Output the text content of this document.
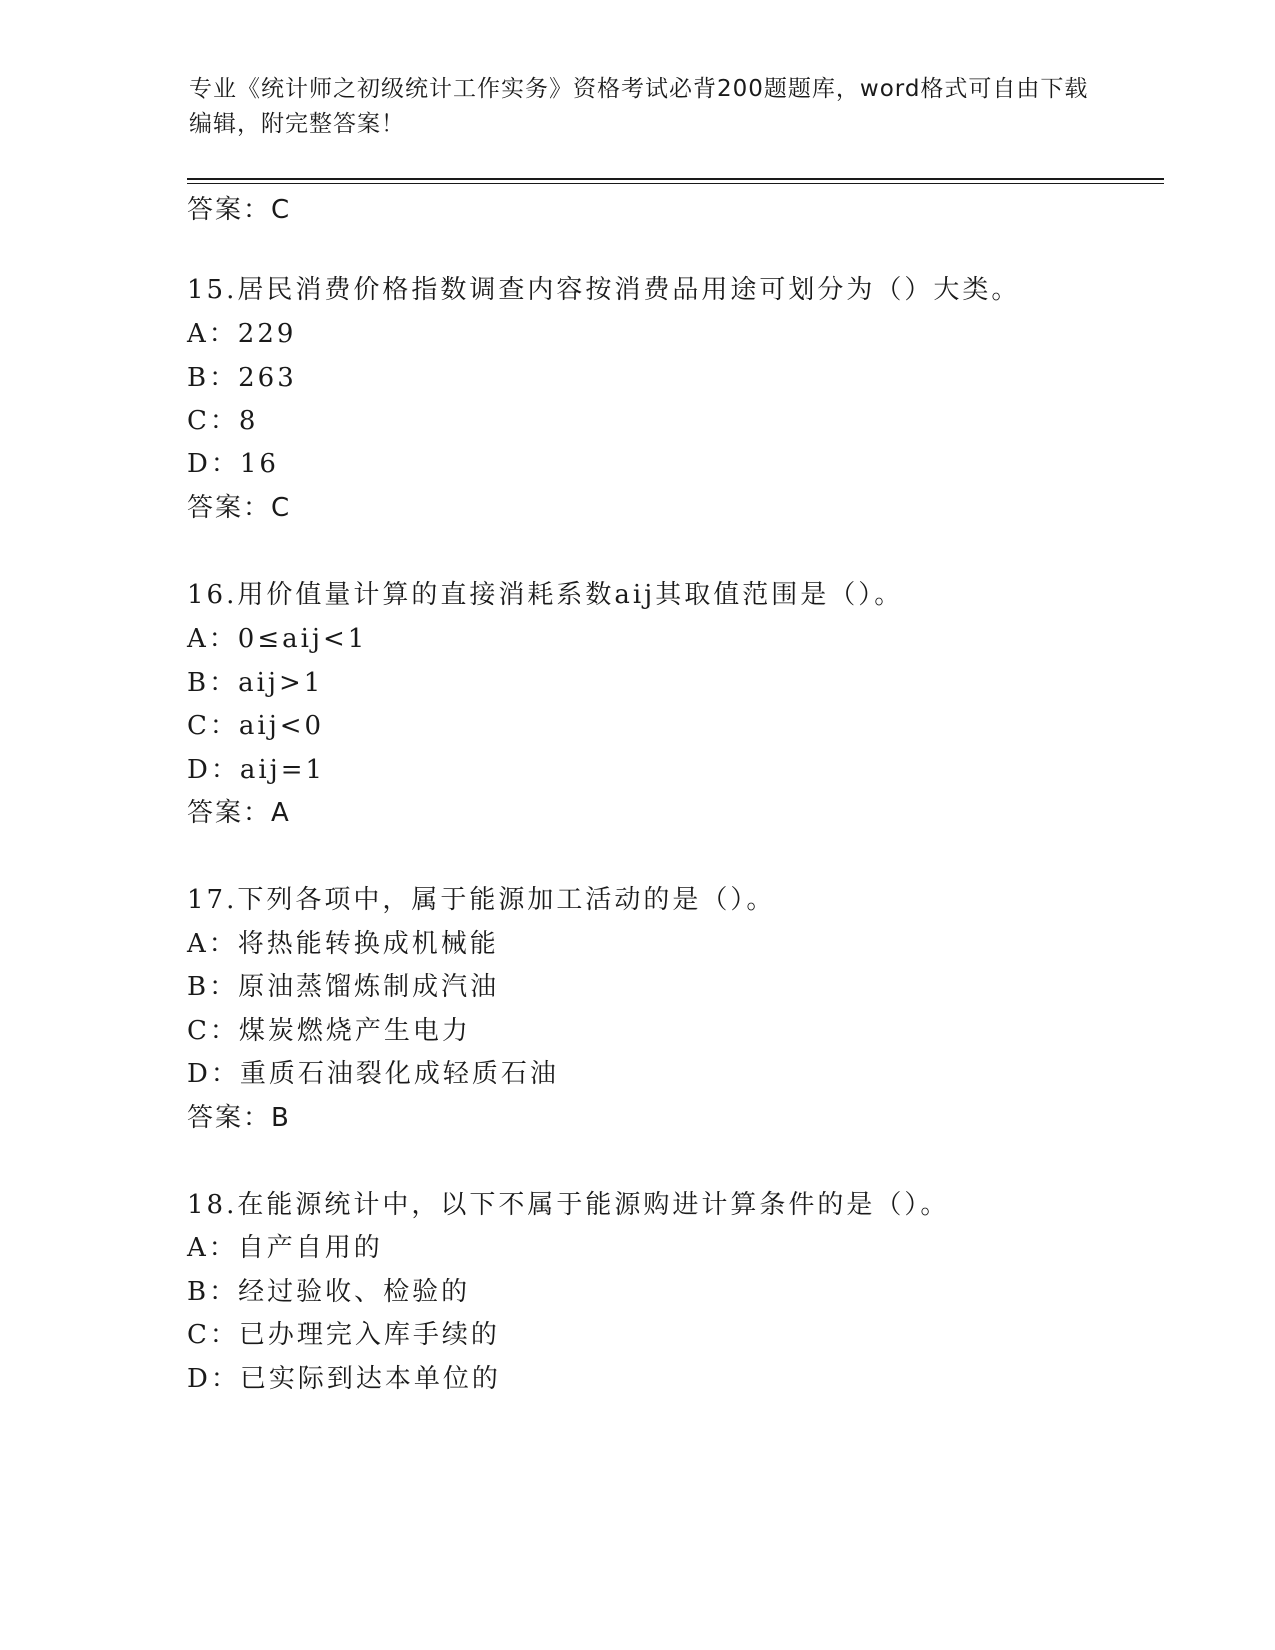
专业《统计师之初级统计工作实务》资格考试必背200题题库，word格式可自由下载编辑，附完整答案！
答案：C
15.居民消费价格指数调查内容按消费品用途可划分为（）大类。
A：229
B：263
C：8
D：16
答案：C
16.用价值量计算的直接消耗系数aij其取值范围是（）。
A：0≤aij<1
B：aij>1
C：aij<0
D：aij=1
答案：A
17.下列各项中，属于能源加工活动的是（）。
A：将热能转换成机械能
B：原油蒸馏炼制成汽油
C：煤炭燃烧产生电力
D：重质石油裂化成轻质石油
答案：B
18.在能源统计中，以下不属于能源购进计算条件的是（）。
A：自产自用的
B：经过验收、检验的
C：已办理完入库手续的
D：已实际到达本单位的
